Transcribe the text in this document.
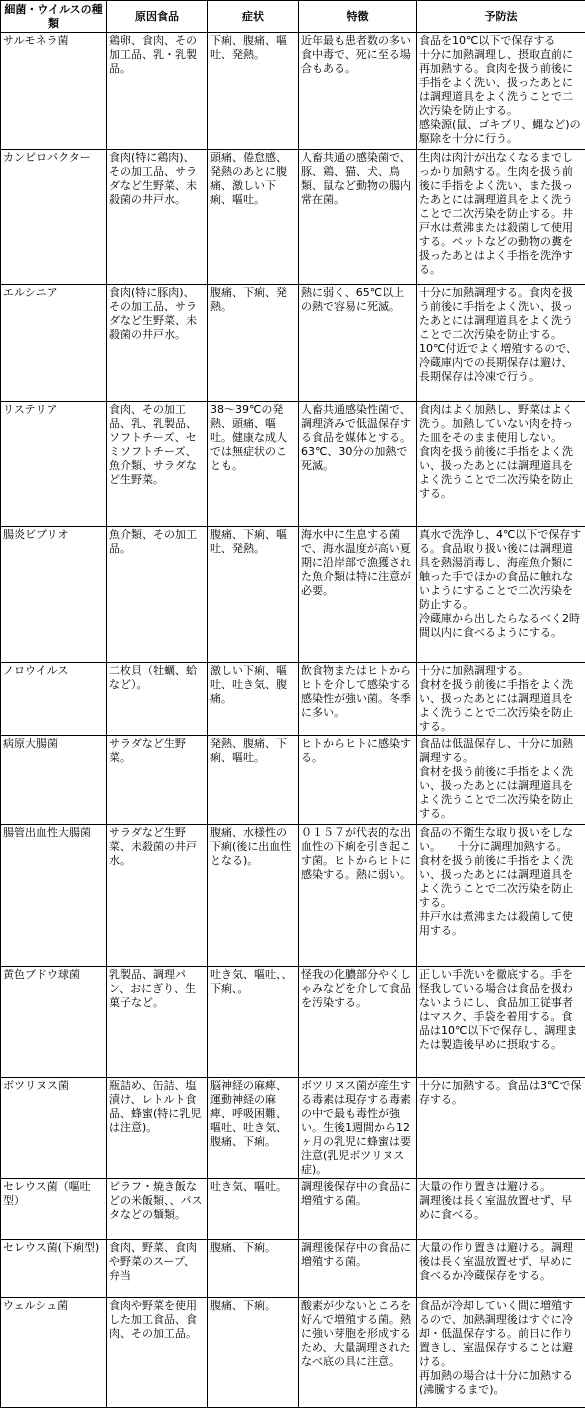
細菌・ウイルスの種類	原因食品	症状	特徴	予防法
サルモネラ菌	鶏卵、食肉、その加工品、乳・乳製品。	下痢、腹痛、嘔吐、発熱。	近年最も患者数の多い食中毒で、死に至る場合もある。	食品を10℃以下で保存する

十分に加熱調理し、摂取直前に再加熱する。食肉を扱う前後に手指をよく洗い、扱ったあとには調理道具をよく洗うことで二次汚染を防止する。

感染源(鼠、ゴキブリ、蝿など)の駆除を十分に行う。

カンピロバクター	食肉(特に鶏肉)、その加工品、サラダなど生野菜、未殺菌の井戸水。	頭痛、倦怠感、発熱のあとに腹痛、激しい下痢、嘔吐。	人畜共通の感染菌で、豚、鶏、猫、犬、鳥類、鼠など動物の腸内常在菌。	生肉は肉汁が出なくなるまでしっかり加熱する。生肉を扱う前後に手指をよく洗い、また扱ったあとには調理道具をよく洗うことで二次汚染を防止する。井戸水は煮沸または殺菌して使用する。ペットなどの動物の糞を扱ったあとはよく手指を洗浄する。

エルシニア	食肉(特に豚肉)、その加工品、サラダなど生野菜、未殺菌の井戸水。	腹痛、下痢、発熱。	熱に弱く、65℃以上の熱で容易に死滅。	十分に加熱調理する。食肉を扱う前後に手指をよく洗い、扱ったあとには調理道具をよく洗うことで二次汚染を防止する。

10℃付近でよく増殖するので、冷蔵庫内での長期保存は避け、長期保存は冷凍で行う。

リステリア	食肉、その加工品、乳、乳製品、ソフトチーズ、セミソフトチーズ、魚介類、サラダなど生野菜。	38～39℃の発熱、頭痛、嘔吐。健康な成人では無症状のことも。	人畜共通感染性菌で、調理済みで低温保存する食品を媒体とする。63℃、30分の加熱で死滅。	食肉はよく加熱し、野菜はよく洗う。加熱していない肉を持った皿をそのまま使用しない。

食肉を扱う前後に手指をよく洗い、扱ったあとには調理道具をよく洗うことで二次汚染を防止する。

腸炎ビブリオ	魚介類、その加工品。	腹痛、下痢、嘔吐、発熱。	海水中に生息する菌で、海水温度が高い夏期に沿岸部で漁獲された魚介類は特に注意が必要。	真水で洗浄し、4℃以下で保存する。食品取り扱い後には調理道具を熱湯消毒し、海産魚介類に触った手でほかの食品に触れないようにすることで二次汚染を防止する。

冷蔵庫から出したらなるべく2時間以内に食べるようにする。

ノロウイルス	二枚貝（牡蠣、蛤など）。	激しい下痢、嘔吐、吐き気、腹痛。	飲食物またはヒトからヒトを介して感染する感染性が強い菌。冬季に多い。	十分に加熱調理する。

食材を扱う前後に手指をよく洗い、扱ったあとには調理道具をよく洗うことで二次汚染を防止する。

病原大腸菌	サラダなど生野菜。	発熱、腹痛、下痢、嘔吐。	ヒトからヒトに感染する。	食品は低温保存し、十分に加熱調理する。

食材を扱う前後に手指をよく洗い、扱ったあとには調理道具をよく洗うことで二次汚染を防止する。

腸管出血性大腸菌	サラダなど生野菜、未殺菌の井戸水。	腹痛、水様性の下痢(後に出血性となる)。	０１５７が代表的な出血性の下痢を引き起こす菌。ヒトからヒトに感染する。熱に弱い。	食品の不衛生な取り扱いをしない。　　十分に調理加熱する。

食材を扱う前後に手指をよく洗い、扱ったあとには調理道具をよく洗うことで二次汚染を防止する。

井戸水は煮沸または殺菌して使用する。

黄色ブドウ球菌	乳製品、調理パン、おにぎり、生菓子など。	吐き気、嘔吐、、下痢、。	怪我の化膿部分やくしゃみなどを介して食品を汚染する。	正しい手洗いを徹底する。手を怪我している場合は食品を扱わないようにし、食品加工従事者はマスク、手袋を着用する。食品は10℃以下で保存し、調理または製造後早めに摂取する。

ボツリヌス菌	瓶詰め、缶詰、塩漬け、レトルト食品、蜂蜜(特に乳児は注意)。	脳神経の麻痺、運動神経の麻痺、呼吸困難、嘔吐、吐き気、腹痛、下痢。	ボツリヌス菌が産生する毒素は現存する毒素の中で最も毒性が強い。生後1週間から12ヶ月の乳児に蜂蜜は要注意(乳児ボツリヌス症)。	十分に加熱する。食品は3℃で保存する。

セレウス菌（嘔吐型）	ピラフ・焼き飯などの米飯類、、パスタなどの麺類。	吐き気、嘔吐。	調理後保存中の食品に増殖する菌。	大量の作り置きは避ける。

調理後は長く室温放置せず、早めに食べる。

セレウス菌(下痢型)	食肉、野菜、食肉や野菜のスープ、弁当	腹痛、下痢。	調理後保存中の食品に増殖する菌。	大量の作り置きは避ける。調理後は長く室温放置せず、早めに食べるか冷蔵保存をする。

ウェルシュ菌	食肉や野菜を使用した加工食品、食肉、その加工品。	腹痛、下痢。	酸素が少ないところを好んで増殖する菌。熱に強い芽胞を形成するため、大量調理されたなべ底の具に注意。	食品が冷却していく間に増殖するので、加熱調理後はすぐに冷却・低温保存する。前日に作り置きし、室温保存することは避ける。

再加熱の場合は十分に加熱する(沸騰するまで)。
